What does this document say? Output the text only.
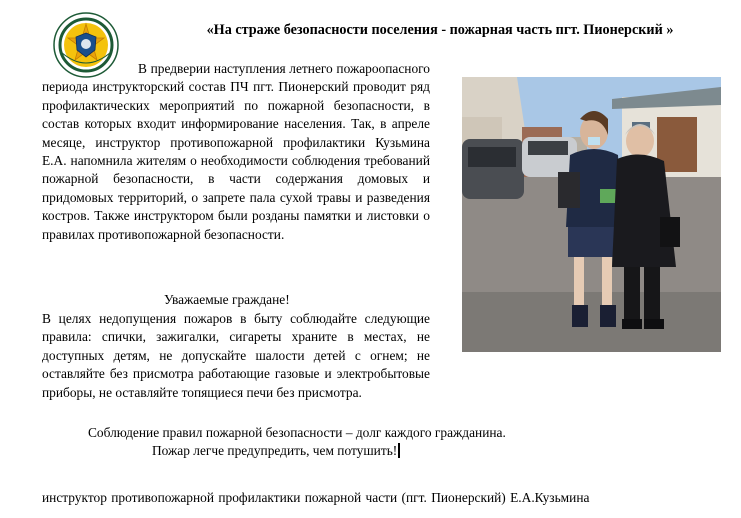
«На страже безопасности поселения - пожарная часть пгт. Пионерский »

В предверии наступления летнего пожароопасного периода инструкторский состав ПЧ пгт. Пионерский проводит ряд профилактических мероприятий по пожарной безопасности, в состав которых входит информирование населения. Так, в апреле месяце, инструктор противопожарной профилактики Кузьмина Е.А. напомнила жителям о необходимости соблюдения требований пожарной безопасности, в части содержания домовых и придомовых территорий, о запрете пала сухой травы и разведения костров. Также инструктором были розданы памятки и листовки о правилах противопожарной безопасности.

Уважаемые граждане!

В целях недопущения пожаров в быту соблюдайте следующие правила: спички, зажигалки, сигареты храните в местах, не доступных детям, не допускайте шалости детей с огнем; не оставляйте без присмотра работающие газовые и электробытовые приборы, не оставляйте топящиеся печи без присмотра.

Соблюдение правил пожарной безопасности – долг каждого гражданина.
Пожар легче предупредить, чем потушить!
инструктор противопожарной профилактики пожарной части (пгт. Пионерский) Е.А.Кузьмина
